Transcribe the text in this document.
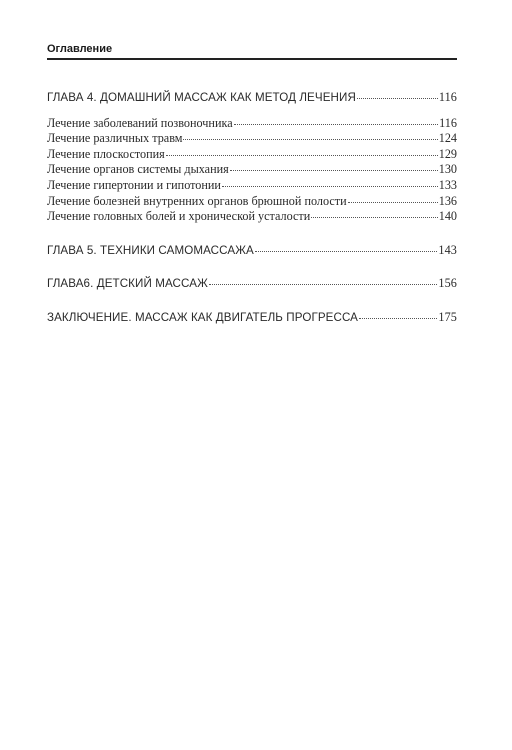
Оглавление
ГЛАВА 4. ДОМАШНИЙ МАССАЖ КАК МЕТОД ЛЕЧЕНИЯ	116
Лечение заболеваний позвоночника	116
Лечение различных травм	124
Лечение плоскостопия	129
Лечение органов системы дыхания	130
Лечение гипертонии и гипотонии	133
Лечение болезней внутренних органов брюшной полости	136
Лечение головных болей и хронической усталости	140
ГЛАВА 5. ТЕХНИКИ САМОМАССАЖА	143
ГЛАВА6. ДЕТСКИЙ МАССАЖ	156
ЗАКЛЮЧЕНИЕ. МАССАЖ КАК ДВИГАТЕЛЬ ПРОГРЕССА	175
